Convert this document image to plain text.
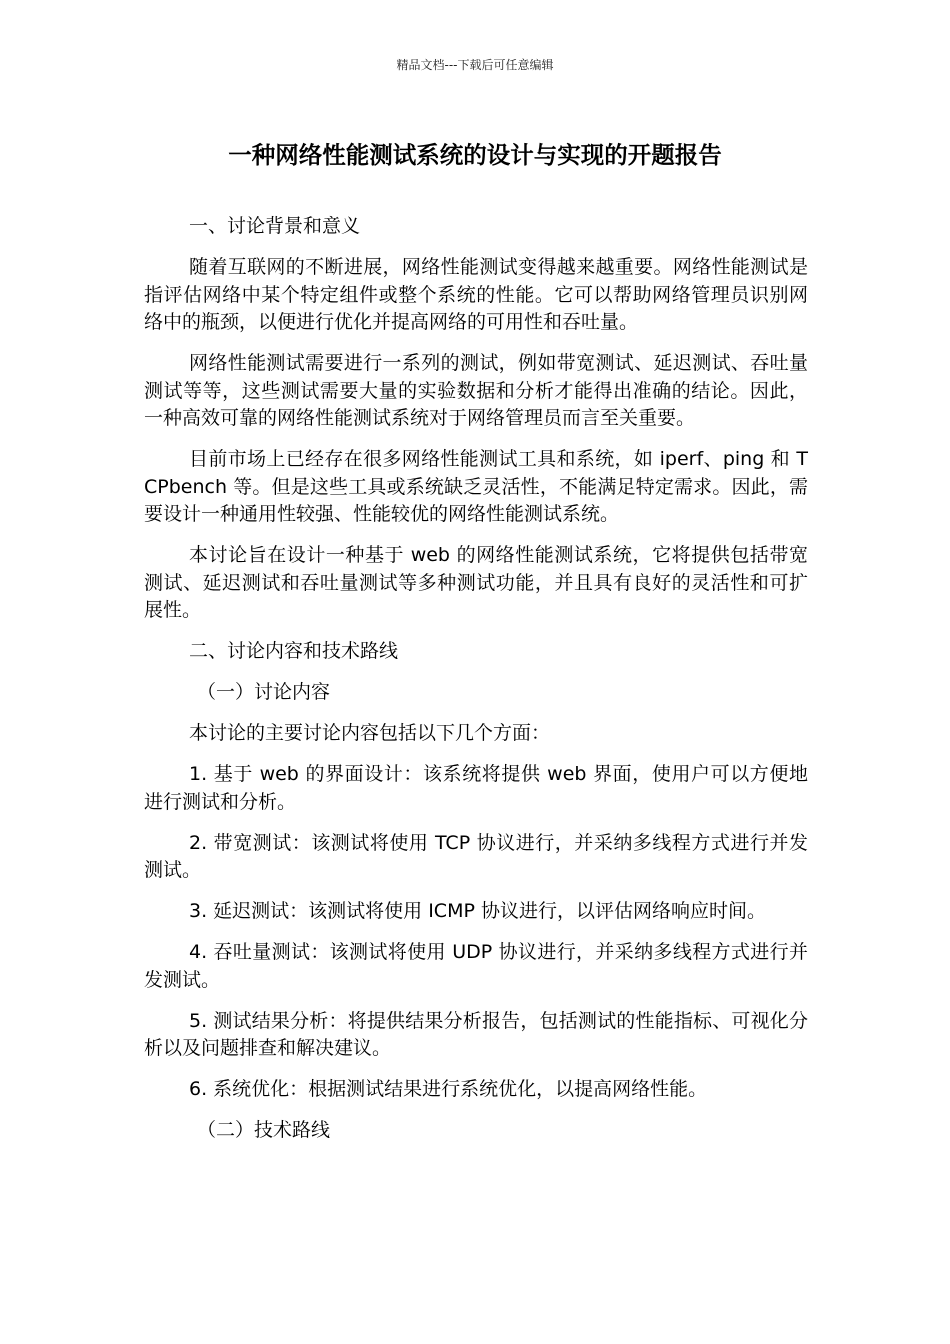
精品文档---下载后可任意编辑
一种网络性能测试系统的设计与实现的开题报告

一、讨论背景和意义

随着互联网的不断进展，网络性能测试变得越来越重要。网络性能测试是指评估网络中某个特定组件或整个系统的性能。它可以帮助网络管理员识别网络中的瓶颈，以便进行优化并提高网络的可用性和吞吐量。

网络性能测试需要进行一系列的测试，例如带宽测试、延迟测试、吞吐量测试等等，这些测试需要大量的实验数据和分析才能得出准确的结论。因此，一种高效可靠的网络性能测试系统对于网络管理员而言至关重要。

目前市场上已经存在很多网络性能测试工具和系统，如 iperf、ping 和 TCPbench 等。但是这些工具或系统缺乏灵活性，不能满足特定需求。因此，需要设计一种通用性较强、性能较优的网络性能测试系统。

本讨论旨在设计一种基于 web 的网络性能测试系统，它将提供包括带宽测试、延迟测试和吞吐量测试等多种测试功能，并且具有良好的灵活性和可扩展性。

二、讨论内容和技术路线

（一）讨论内容

本讨论的主要讨论内容包括以下几个方面：

1. 基于 web 的界面设计：该系统将提供 web 界面，使用户可以方便地进行测试和分析。

2. 带宽测试：该测试将使用 TCP 协议进行，并采纳多线程方式进行并发测试。

3. 延迟测试：该测试将使用 ICMP 协议进行，以评估网络响应时间。

4. 吞吐量测试：该测试将使用 UDP 协议进行，并采纳多线程方式进行并发测试。

5. 测试结果分析：将提供结果分析报告，包括测试的性能指标、可视化分析以及问题排查和解决建议。

6. 系统优化：根据测试结果进行系统优化，以提高网络性能。

（二）技术路线
